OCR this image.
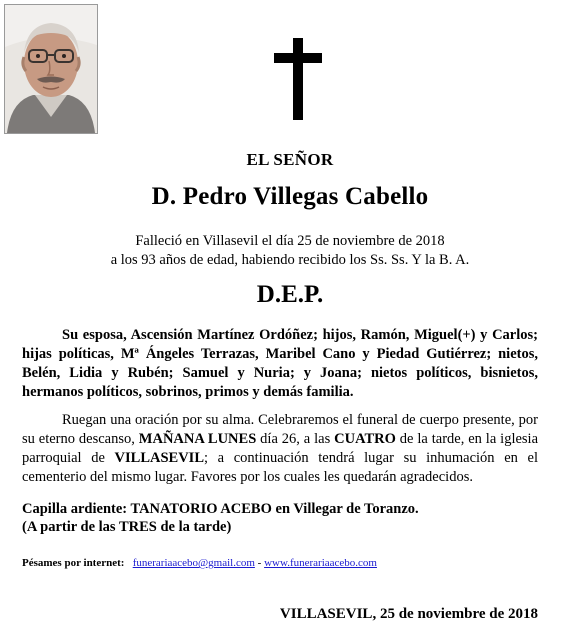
EL SEÑOR
D. Pedro Villegas Cabello
Falleció en Villasevil el día 25 de noviembre de 2018
a los 93 años de edad, habiendo recibido los Ss. Ss. Y la B. A.
D.E.P.
Su esposa, Ascensión Martínez Ordóñez; hijos, Ramón, Miguel(+) y Carlos; hijas políticas, Mª Ángeles Terrazas, Maribel Cano y Piedad Gutiérrez; nietos, Belén, Lidia y Rubén; Samuel y Nuria; y Joana; nietos políticos, bisnietos, hermanos políticos, sobrinos, primos y demás familia.
Ruegan una oración por su alma. Celebraremos el funeral de cuerpo presente, por su eterno descanso, MAÑANA LUNES día 26, a las CUATRO de la tarde, en la iglesia parroquial de VILLASEVIL; a continuación tendrá lugar su inhumación en el cementerio del mismo lugar. Favores por los cuales les quedarán agradecidos.
Capilla ardiente: TANATORIO ACEBO en Villegar de Toranzo.
(A partir de las TRES de la tarde)
Pésames por internet: funerariaacebo@gmail.com - www.funerariaacebo.com
VILLASEVIL, 25 de noviembre de 2018
